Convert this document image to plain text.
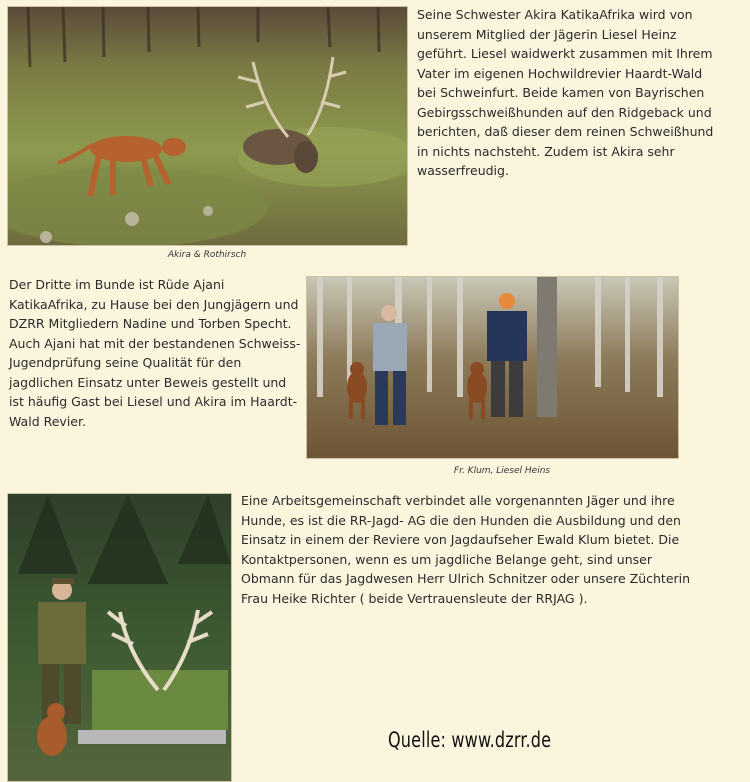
Akira & Rothirsch

Seine Schwester Akira KatikaAfrika wird von unserem Mitglied der Jägerin Liesel Heinz geführt. Liesel waidwerkt zusammen mit Ihrem Vater im eigenen Hochwildrevier Haardt-Wald bei Schweinfurt. Beide kamen von Bayrischen Gebirgsschweißhunden auf den Ridgeback und berichten, daß dieser dem reinen Schweißhund in nichts nachsteht. Zudem ist Akira sehr wasserfreudig.

Der Dritte im Bunde ist Rüde Ajani KatikaAfrika, zu Hause bei den Jungjägern und DZRR Mitgliedern Nadine und Torben Specht. Auch Ajani hat mit der bestandenen Schweiss-Jugendprüfung seine Qualität für den jagdlichen Einsatz unter Beweis gestellt und ist häufig Gast bei Liesel und Akira im Haardt-Wald Revier.

Fr. Klum, Liesel Heins

Eine Arbeitsgemeinschaft verbindet alle vorgenannten Jäger und ihre Hunde, es ist die RR-Jagd- AG die den Hunden die Ausbildung und den Einsatz in einem der Reviere von Jagdaufseher Ewald Klum bietet. Die Kontaktpersonen, wenn es um jagdliche Belange geht, sind unser Obmann für das Jagdwesen Herr Ulrich Schnitzer oder unsere Züchterin Frau Heike Richter ( beide Vertrauensleute der RRJAG ).

Quelle: www.dzrr.de
